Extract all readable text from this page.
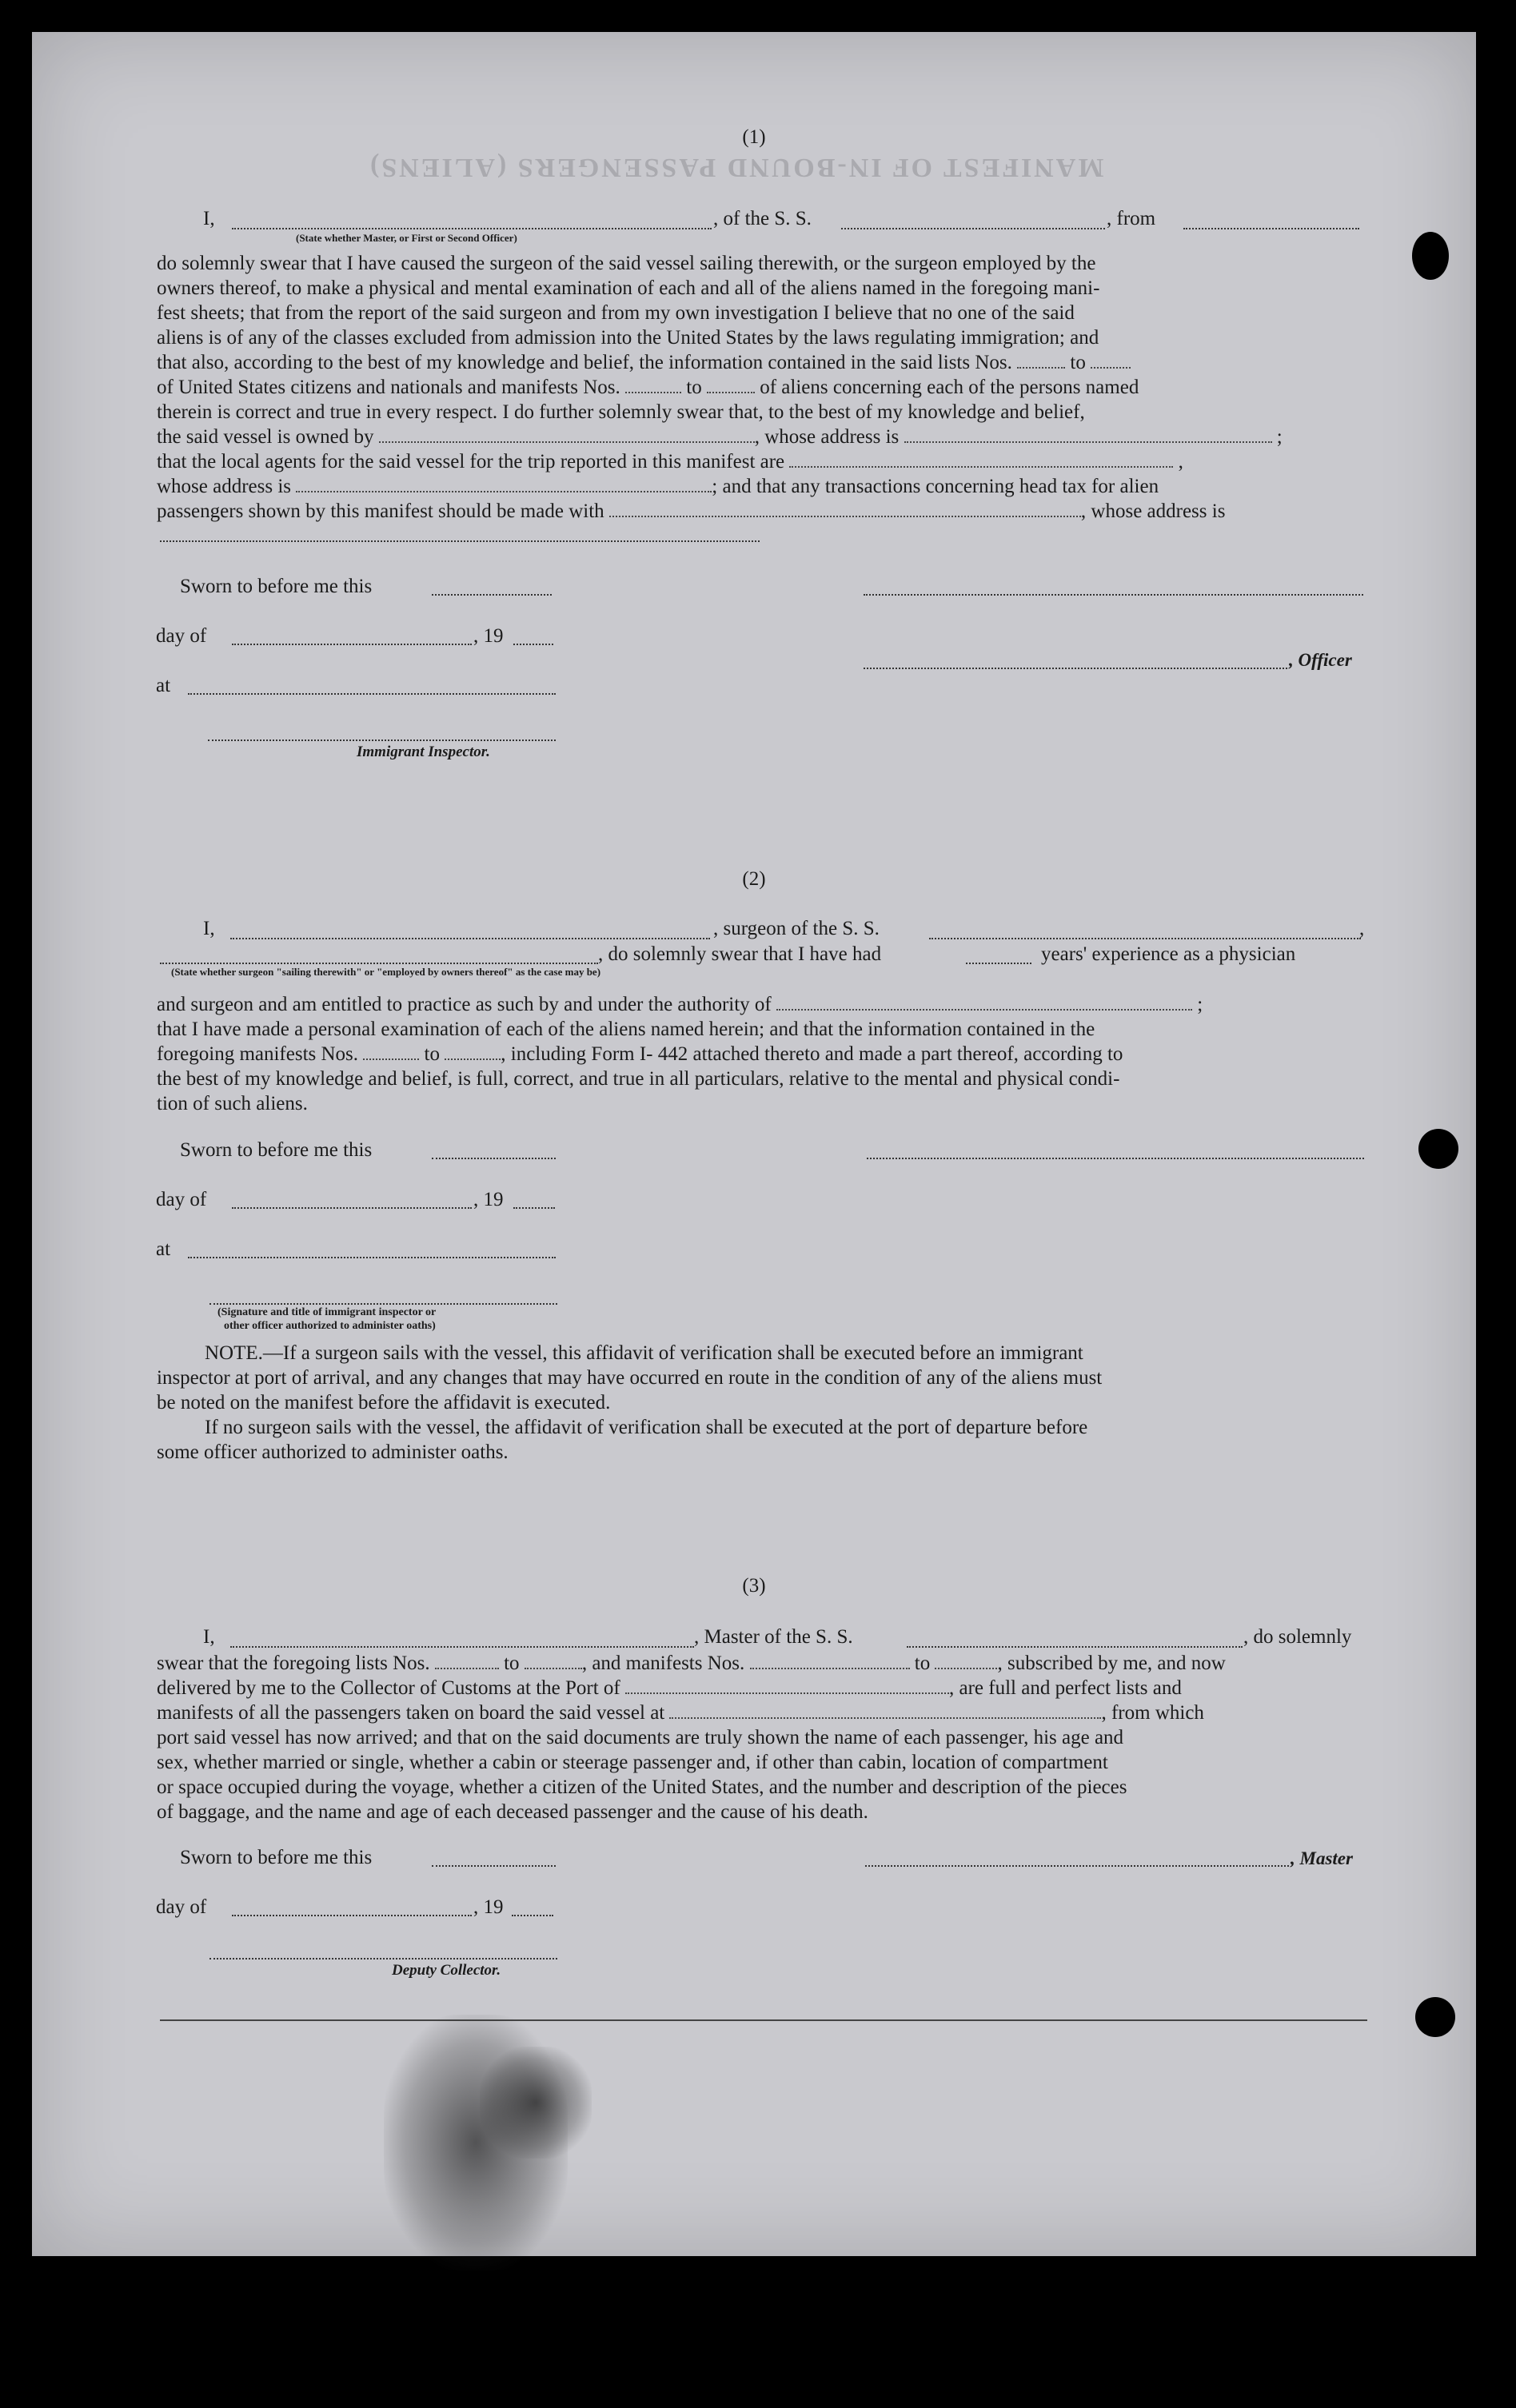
MANIFEST OF IN-BOUND PASSENGERS (ALIENS)
(1)
I,
(State whether Master, or First or Second Officer)
, of the S. S.	, from
do solemnly swear that I have caused the surgeon of the said vessel sailing therewith, or the surgeon employed by the
owners thereof, to make a physical and mental examination of each and all of the aliens named in the foregoing mani-
fest sheets; that from the report of the said surgeon and from my own investigation I believe that no one of the said
aliens is of any of the classes excluded from admission into the United States by the laws regulating immigration; and
that also, according to the best of my knowledge and belief, the information contained in the said lists Nos.	to
of United States citizens and nationals and manifests Nos.	to	of aliens concerning each of the persons named
therein is correct and true in every respect. I do further solemnly swear that, to the best of my knowledge and belief,
the said vessel is owned by	, whose address is	;
that the local agents for the said vessel for the trip reported in this manifest are	,
whose address is	; and that any transactions concerning head tax for alien
passengers shown by this manifest should be made with	, whose address is
Sworn to before me this
day of	, 19
, Officer
at
Immigrant Inspector.
(2)
I,	, surgeon of the S. S.	,
, do solemnly swear that I have had	years' experience as a physician
(State whether surgeon "sailing therewith" or "employed by owners thereof" as the case may be)
and surgeon and am entitled to practice as such by and under the authority of	;
that I have made a personal examination of each of the aliens named herein; and that the information contained in the
foregoing manifests Nos.	to	, including Form I- 442 attached thereto and made a part thereof, according to
the best of my knowledge and belief, is full, correct, and true in all particulars, relative to the mental and physical condi-
tion of such aliens.
Sworn to before me this
day of	, 19
at
(Signature and title of immigrant inspector or
other officer authorized to administer oaths)
NOTE.—If a surgeon sails with the vessel, this affidavit of verification shall be executed before an immigrant
inspector at port of arrival, and any changes that may have occurred en route in the condition of any of the aliens must
be noted on the manifest before the affidavit is executed.
If no surgeon sails with the vessel, the affidavit of verification shall be executed at the port of departure before
some officer authorized to administer oaths.
(3)
I,	, Master of the S. S.	, do solemnly
swear that the foregoing lists Nos.	to	, and manifests Nos.	to	, subscribed by me, and now
delivered by me to the Collector of Customs at the Port of	, are full and perfect lists and
manifests of all the passengers taken on board the said vessel at	, from which
port said vessel has now arrived; and that on the said documents are truly shown the name of each passenger, his age and
sex, whether married or single, whether a cabin or steerage passenger and, if other than cabin, location of compartment
or space occupied during the voyage, whether a citizen of the United States, and the number and description of the pieces
of baggage, and the name and age of each deceased passenger and the cause of his death.
Sworn to before me this	, Master
day of	, 19
Deputy Collector.
